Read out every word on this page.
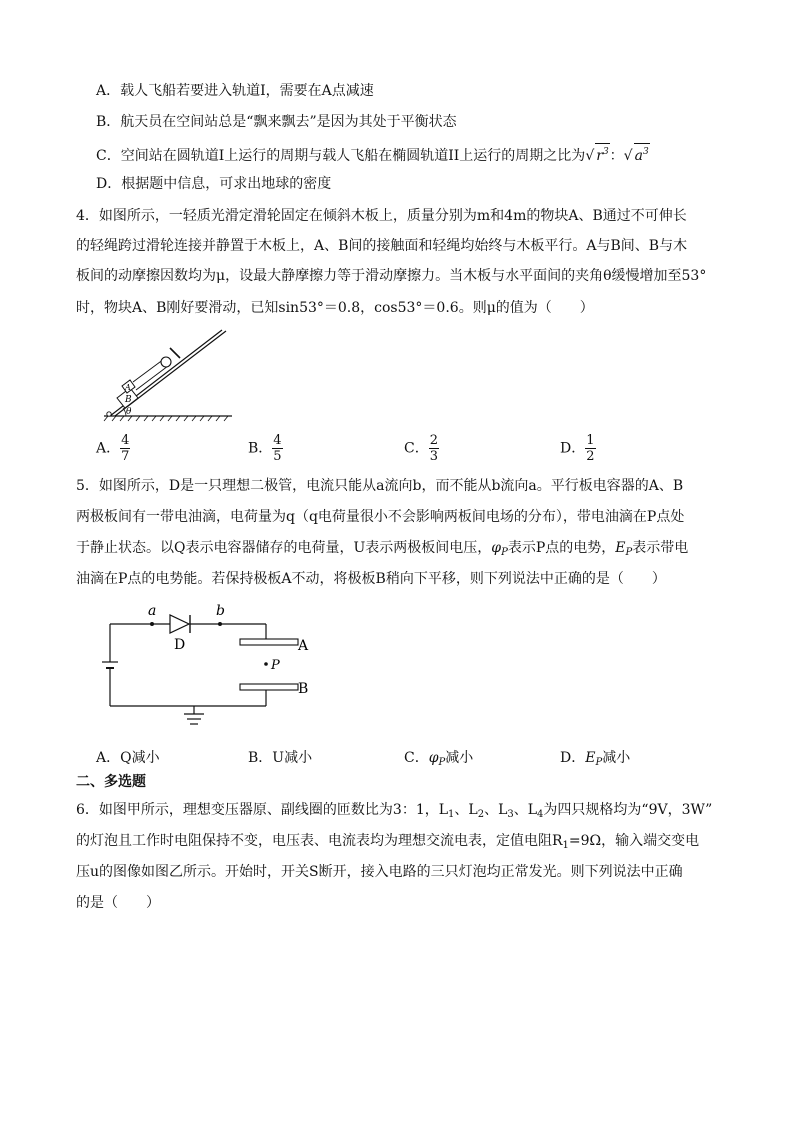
A．载人飞船若要进入轨道I，需要在A点减速
B．航天员在空间站总是“飘来飘去”是因为其处于平衡状态
C．空间站在圆轨道I上运行的周期与载人飞船在椭圆轨道II上运行的周期之比为√ $r^3$：√ $a^3$
D．根据题中信息，可求出地球的密度
4．如图所示，一轻质光滑定滑轮固定在倾斜木板上，质量分别为m和4m的物块A、B通过不可伸长
的轻绳跨过滑轮连接并静置于木板上，A、B间的接触面和轻绳均始终与木板平行。A与B间、B与木
板间的动摩擦因数均为μ，设最大静摩擦力等于滑动摩擦力。当木板与水平面间的夹角θ缓慢增加至53°
时，物块A、B刚好要滑动，已知sin53°＝0.8，cos53°＝0.6。则μ的值为（　　）
θ
B
A
A． $\frac{4}{7}$	B． $\frac{4}{5}$	C． $\frac{2}{3}$	D． $\frac{1}{2}$
5．如图所示，D是一只理想二极管，电流只能从a流向b，而不能从b流向a。平行板电容器的A、B
两极板间有一带电油滴，电荷量为q（q电荷量很小不会影响两板间电场的分布），带电油滴在P点处
于静止状态。以Q表示电容器储存的电荷量，U表示两极板间电压，$\varphi_P$表示P点的电势，$E_P$表示带电
油滴在P点的电势能。若保持极板A不动，将极板B稍向下平移，则下列说法中正确的是（　　）
A
P
B
a	b
D
A．Q减小	B．U减小	C．$\varphi_P$减小	D．$E_P$减小
二、多选题
6．如图甲所示，理想变压器原、副线圈的匝数比为3：1，$L_1$、$L_2$、$L_3$、$L_4$为四只规格均为“9V，3W”
的灯泡且工作时电阻保持不变，电压表、电流表均为理想交流电表，定值电阻$R_1=9\Omega$，输入端交变电
压u的图像如图乙所示。开始时，开关S断开，接入电路的三只灯泡均正常发光。则下列说法中正确
的是（　　）
